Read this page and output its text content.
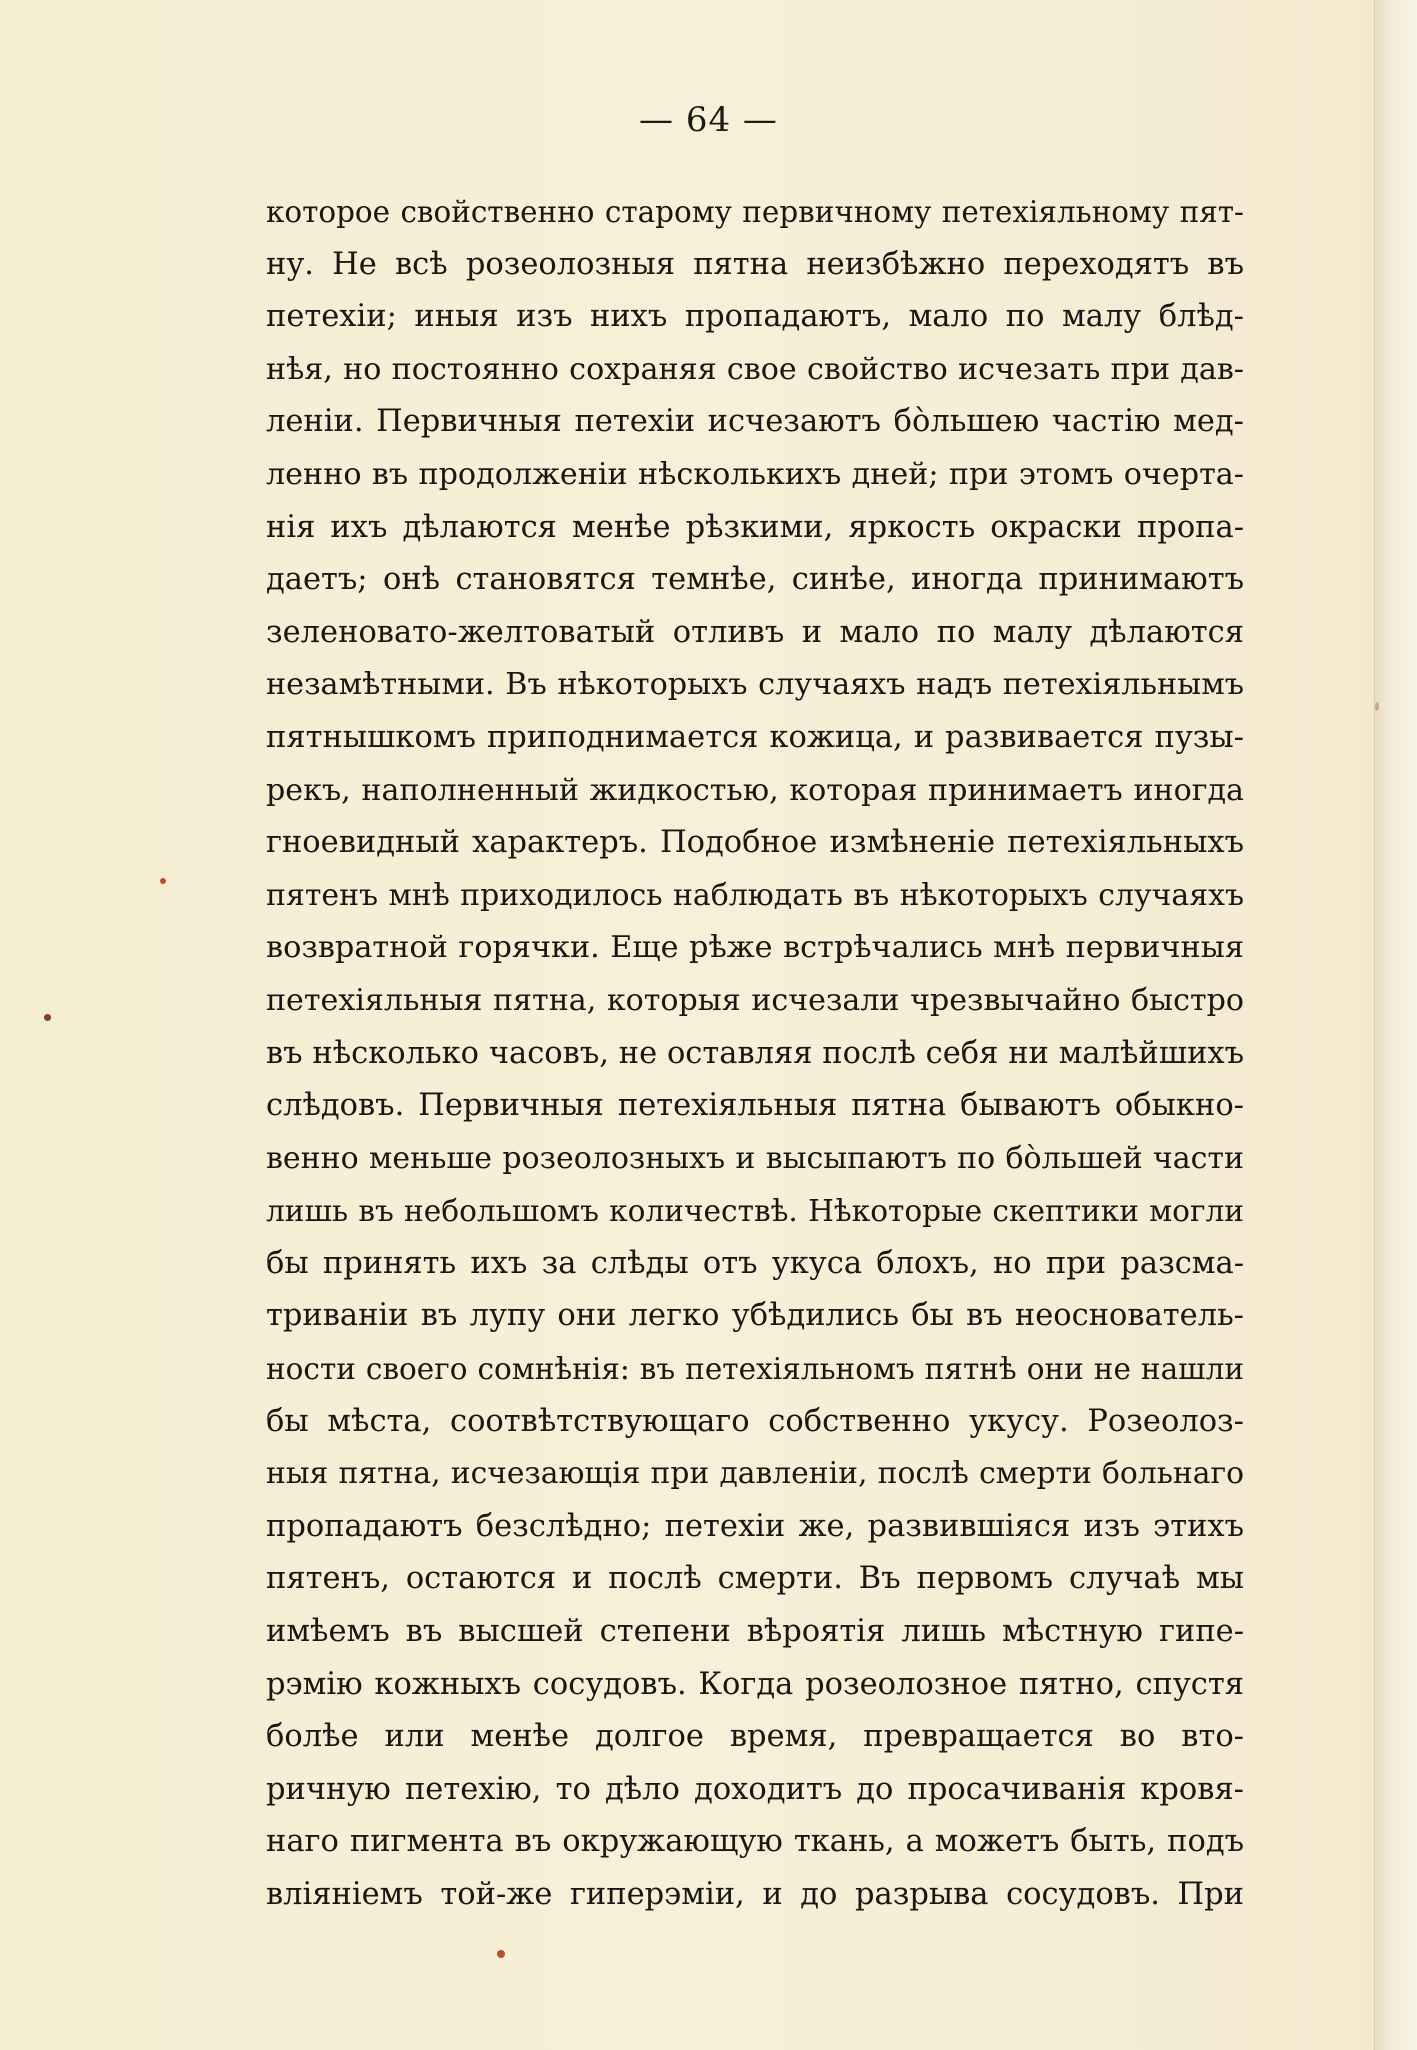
— 64 —
которое свойственно старому первичному петехіяльному пят-
ну. Не всѣ розеолозныя пятна неизбѣжно переходятъ въ
петехіи; иныя изъ нихъ пропадаютъ, мало по малу блѣд-
нѣя, но постоянно сохраняя свое свойство исчезать при дав-
леніи. Первичныя петехіи исчезаютъ бо̀льшею частію мед-
ленно въ продолженіи нѣсколькихъ дней; при этомъ очерта-
нія ихъ дѣлаются менѣе рѣзкими, яркость окраски пропа-
даетъ; онѣ становятся темнѣе, синѣе, иногда принимаютъ
зеленовато-желтоватый отливъ и мало по малу дѣлаются
незамѣтными. Въ нѣкоторыхъ случаяхъ надъ петехіяльнымъ
пятнышкомъ приподнимается кожица, и развивается пузы-
рекъ, наполненный жидкостью, которая принимаетъ иногда
гноевидный характеръ. Подобное измѣненіе петехіяльныхъ
пятенъ мнѣ приходилось наблюдать въ нѣкоторыхъ случаяхъ
возвратной горячки. Еще рѣже встрѣчались мнѣ первичныя
петехіяльныя пятна, которыя исчезали чрезвычайно быстро
въ нѣсколько часовъ, не оставляя послѣ себя ни малѣйшихъ
слѣдовъ. Первичныя петехіяльныя пятна бываютъ обыкно-
венно меньше розеолозныхъ и высыпаютъ по бо̀льшей части
лишь въ небольшомъ количествѣ. Нѣкоторые скептики могли
бы принять ихъ за слѣды отъ укуса блохъ, но при разсма-
триваніи въ лупу они легко убѣдились бы въ неоснователь-
ности своего сомнѣнія: въ петехіяльномъ пятнѣ они не нашли
бы мѣста, соотвѣтствующаго собственно укусу. Розеолоз-
ныя пятна, исчезающія при давленіи, послѣ смерти больнаго
пропадаютъ безслѣдно; петехіи же, развившіяся изъ этихъ
пятенъ, остаются и послѣ смерти. Въ первомъ случаѣ мы
имѣемъ въ высшей степени вѣроятія лишь мѣстную гипе-
рэмію кожныхъ сосудовъ. Когда розеолозное пятно, спустя
болѣе или менѣе долгое время, превращается во вто-
ричную петехію, то дѣло доходитъ до просачиванія кровя-
наго пигмента въ окружающую ткань, а можетъ быть, подъ
вліяніемъ той-же гиперэміи, и до разрыва сосудовъ. При
